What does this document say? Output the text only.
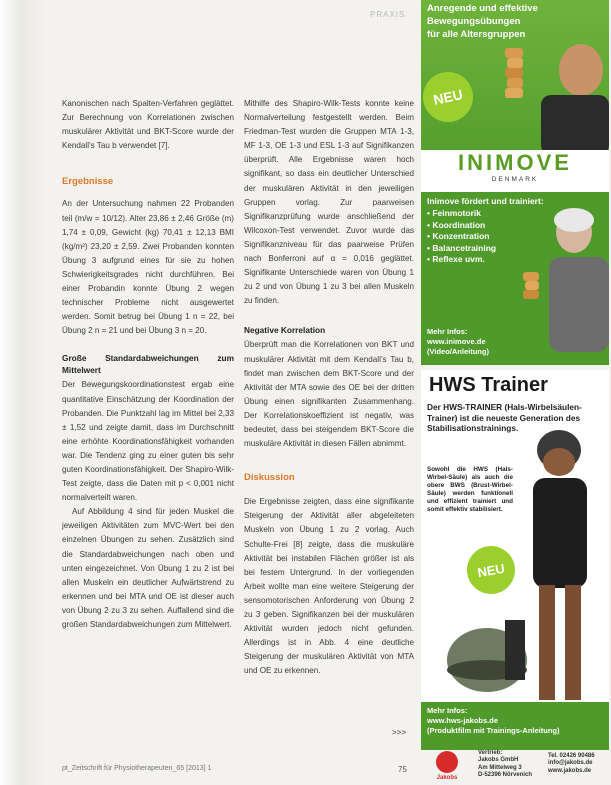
PRAXIS

Kanonischen nach Spalten-Verfahren geglättet. Zur Berechnung von Korrelationen zwischen muskulärer Aktivität und BKT-Score wurde der Kendall’s Tau b verwendet [7].

Ergebnisse

An der Untersuchung nahmen 22 Probanden teil (m/w = 10/12). Alter 23,86 ± 2,46 Größe (m) 1,74 ± 0,09, Gewicht (kg) 70,41 ± 12,13 BMI (kg/m²) 23,20 ± 2,59. Zwei Probanden konnten Übung 3 aufgrund eines für sie zu hohen Schwierigkeitsgrades nicht durchführen. Bei einer Probandin konnte Übung 2 wegen technischer Probleme nicht ausgewertet werden. Somit betrug bei Übung 1 n = 22, bei Übung 2 n = 21 und bei Übung 3 n = 20.

Große Standardabweichungen zum Mittelwert

Der Bewegungskoordinationstest ergab eine quantitative Einschätzung der Koordination der Probanden. Die Punktzahl lag im Mittel bei 2,33 ± 1,52 und zeigte damit, dass im Durchschnitt eine erhöhte Koordinationsfähigkeit vorhanden war. Die Tendenz ging zu einer guten bis sehr guten Koordinationsfähigkeit. Der Shapiro-Wilk-Test zeigte, dass die Daten mit p < 0,001 nicht normalverteilt waren.

Auf Abbildung 4 sind für jeden Muskel die jeweiligen Aktivitäten zum MVC-Wert bei den einzelnen Übungen zu sehen. Zusätzlich sind die Standardabweichungen nach oben und unten eingezeichnet. Von Übung 1 zu 2 ist bei allen Muskeln ein deutlicher Aufwärtstrend zu erkennen und bei MTA und OE ist dieser auch von Übung 2 zu 3 zu sehen. Auffallend sind die großen Standardabweichungen zum Mittelwert.

Mithilfe des Shapiro-Wilk-Tests konnte keine Normalverteilung festgestellt werden. Beim Friedman-Test wurden die Gruppen MTA 1-3, MF 1-3, OE 1-3 und ESL 1-3 auf Signifikanzen überprüft. Alle Ergebnisse waren hoch signifikant, so dass ein deutlicher Unterschied der muskulären Aktivität in den jeweiligen Gruppen vorlag. Zur paarweisen Signifikanzprüfung wurde anschließend der Wilcoxon-Test verwendet. Zuvor wurde das Signifikanzniveau für das paarweise Prüfen nach Bonferroni auf α = 0,016 geglättet. Signifikante Unterschiede waren von Übung 1 zu 2 und von Übung 1 zu 3 bei allen Muskeln zu finden.

Negative Korrelation

Überprüft man die Korrelationen von BKT und muskulärer Aktivität mit dem Kendall’s Tau b, findet man zwischen dem BKT-Score und der Aktivität der MTA sowie des OE bei der dritten Übung einen signifikanten Zusammenhang. Der Korrelationskoeffizient ist negativ, was bedeutet, dass bei steigendem BKT-Score die muskuläre Aktivität in diesen Fällen abnimmt.

Diskussion

Die Ergebnisse zeigten, dass eine signifikante Steigerung der Aktivität aller abgeleiteten Muskeln von Übung 1 zu 2 vorlag. Auch Schulte-Frei [8] zeigte, dass die muskuläre Aktivität bei instabilen Flächen größer ist als bei festem Untergrund. In der vorliegenden Arbeit wollte man eine weitere Steigerung der sensomotorischen Anforderung von Übung 2 zu 3 geben. Signifikanzen bei der muskulären Aktivität wurden jedoch nicht gefunden. Allerdings ist in Abb. 4 eine deutliche Steigerung der muskulären Aktivität von MTA und OE zu erkennen.

>>>
pt_Zeitschrift für Physiotherapeuten_65 [2013] 1	75
Anregende und effektive
Bewegungsübungen
für alle Altersgruppen
NEU
INIMOVE
DENMARK
Inimove fördert und trainiert:
• Feinmotorik
• Koordination
• Konzentration
• Balancetraining
• Reflexe uvm.
Mehr Infos:
www.inimove.de
(Video/Anleitung)
HWS Trainer
Der HWS-TRAINER (Hals-Wirbelsäulen-Trainer) ist die neueste Generation des Stabilisationstrainings.
Sowohl die HWS (Hals-Wirbel-Säule) als auch die obere BWS (Brust-Wirbel-Säule) werden funktionell und effizient trainiert und somit effektiv stabilisiert.
NEU
Mehr Infos:
www.hws-jakobs.de
(Produktfilm mit Trainings-Anleitung)
Jakobs
Vertrieb:
Jakobs GmbH
Am Mittelweg 3
D-52396 Nörvenich
Tel. 02426 90486
info@jakobs.de
www.jakobs.de
